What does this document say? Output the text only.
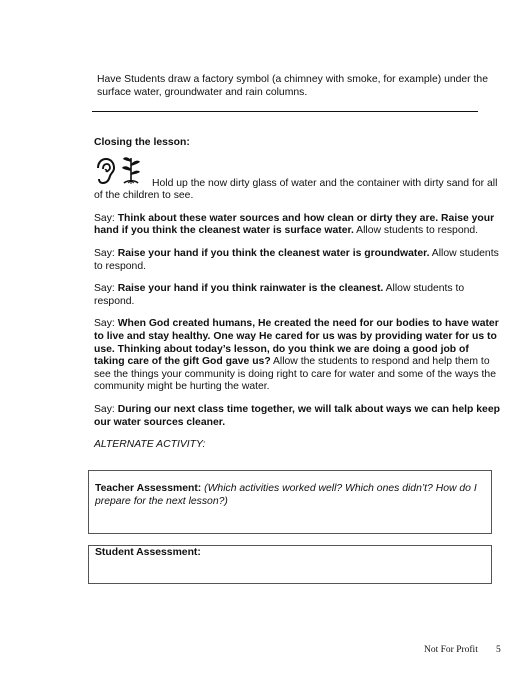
Have Students draw a factory symbol (a chimney with smoke, for example) under the surface water, groundwater and rain columns.
Closing the lesson:

Hold up the now dirty glass of water and the container with dirty sand for all of the children to see.

Say: Think about these water sources and how clean or dirty they are. Raise your hand if you think the cleanest water is surface water. Allow students to respond.

Say: Raise your hand if you think the cleanest water is groundwater. Allow students to respond.

Say: Raise your hand if you think rainwater is the cleanest. Allow students to respond.

Say: When God created humans, He created the need for our bodies to have water to live and stay healthy. One way He cared for us was by providing water for us to use. Thinking about today’s lesson, do you think we are doing a good job of taking care of the gift God gave us? Allow the students to respond and help them to see the things your community is doing right to care for water and some of the ways the community might be hurting the water.

Say: During our next class time together, we will talk about ways we can help keep our water sources cleaner.

ALTERNATE ACTIVITY:

Teacher Assessment: (Which activities worked well? Which ones didn’t? How do I prepare for the next lesson?)
Student Assessment:
Not For Profit 5
